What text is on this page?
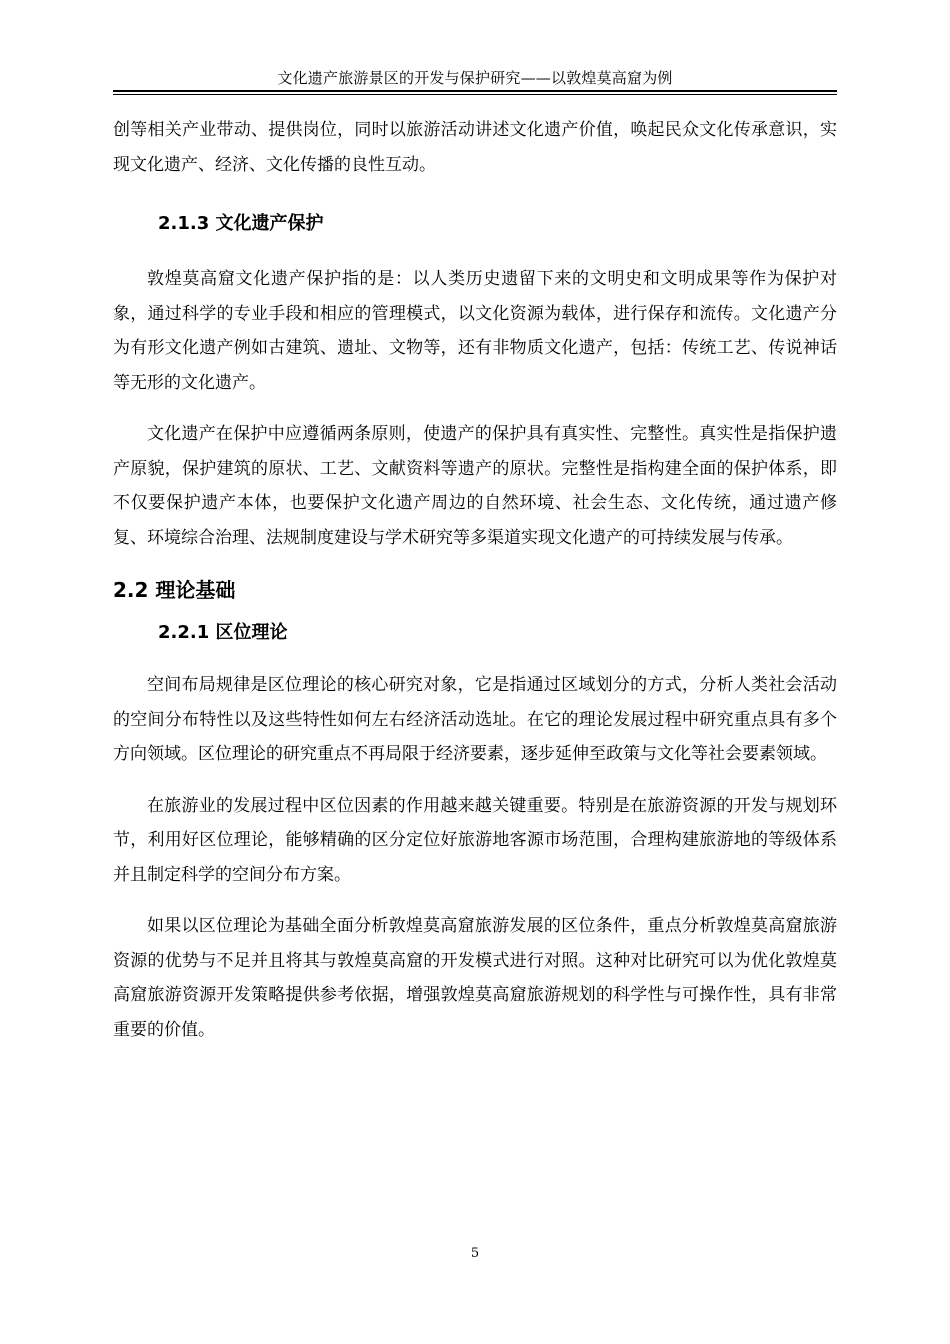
文化遗产旅游景区的开发与保护研究——以敦煌莫高窟为例

创等相关产业带动、提供岗位，同时以旅游活动讲述文化遗产价值，唤起民众文化传承意识，实现文化遗产、经济、文化传播的良性互动。

2.1.3 文化遗产保护

敦煌莫高窟文化遗产保护指的是：以人类历史遗留下来的文明史和文明成果等作为保护对象，通过科学的专业手段和相应的管理模式，以文化资源为载体，进行保存和流传。文化遗产分为有形文化遗产例如古建筑、遗址、文物等，还有非物质文化遗产，包括：传统工艺、传说神话等无形的文化遗产。

文化遗产在保护中应遵循两条原则，使遗产的保护具有真实性、完整性。真实性是指保护遗产原貌，保护建筑的原状、工艺、文献资料等遗产的原状。完整性是指构建全面的保护体系，即不仅要保护遗产本体，也要保护文化遗产周边的自然环境、社会生态、文化传统，通过遗产修复、环境综合治理、法规制度建设与学术研究等多渠道实现文化遗产的可持续发展与传承。

2.2 理论基础
2.2.1 区位理论

空间布局规律是区位理论的核心研究对象，它是指通过区域划分的方式，分析人类社会活动的空间分布特性以及这些特性如何左右经济活动选址。在它的理论发展过程中研究重点具有多个方向领域。区位理论的研究重点不再局限于经济要素，逐步延伸至政策与文化等社会要素领域。

在旅游业的发展过程中区位因素的作用越来越关键重要。特别是在旅游资源的开发与规划环节，利用好区位理论，能够精确的区分定位好旅游地客源市场范围，合理构建旅游地的等级体系并且制定科学的空间分布方案。

如果以区位理论为基础全面分析敦煌莫高窟旅游发展的区位条件，重点分析敦煌莫高窟旅游资源的优势与不足并且将其与敦煌莫高窟的开发模式进行对照。这种对比研究可以为优化敦煌莫高窟旅游资源开发策略提供参考依据，增强敦煌莫高窟旅游规划的科学性与可操作性，具有非常重要的价值。

5
